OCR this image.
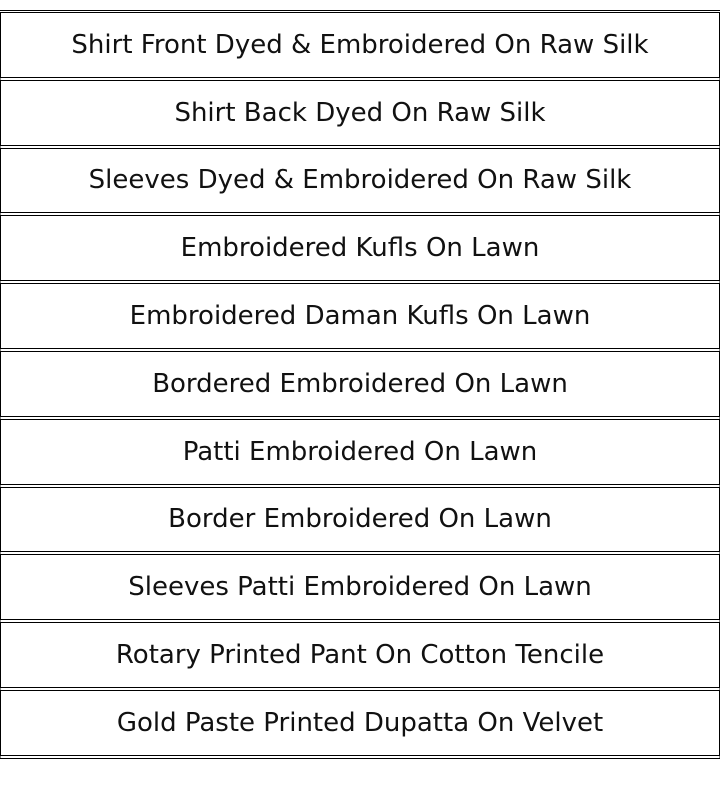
Shirt Front Dyed & Embroidered On Raw Silk
Shirt Back Dyed On Raw Silk
Sleeves Dyed & Embroidered On Raw Silk
Embroidered Kufls On Lawn
Embroidered Daman Kufls On Lawn
Bordered Embroidered On Lawn
Patti Embroidered On Lawn
Border Embroidered On Lawn
Sleeves Patti Embroidered On Lawn
Rotary Printed Pant On Cotton Tencile
Gold Paste Printed Dupatta On Velvet
